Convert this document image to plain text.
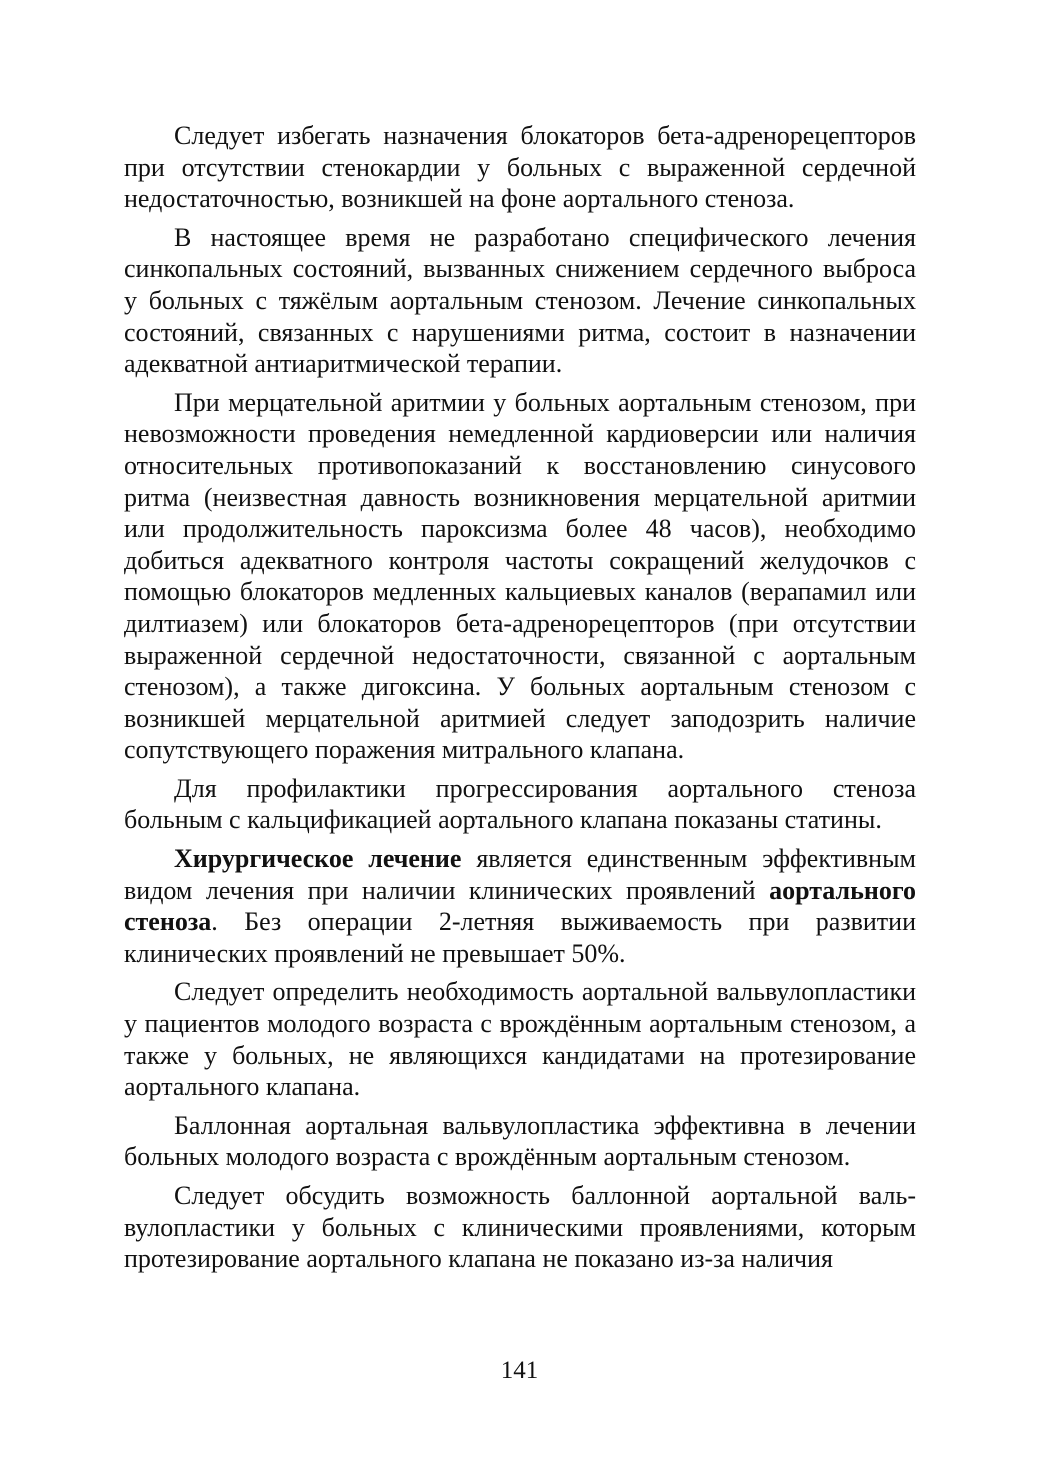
Следует избегать назначения блокаторов бета-адренорецепторов при отсутствии стенокардии у больных с выраженной сердечной недостаточностью, возникшей на фоне аортального стеноза.

В настоящее время не разработано специфического лечения синкопальных состояний, вызванных снижением сердечного выброса у больных с тяжёлым аортальным стенозом. Лечение синкопальных состояний, связанных с нарушениями ритма, состоит в назначении адекватной антиаритмической терапии.

При мерцательной аритмии у больных аортальным стенозом, при невозможности проведения немедленной кардиоверсии или наличия относительных противопоказаний к восстановлению синусового ритма (неизвестная давность возникновения мерцательной аритмии или продолжительность пароксизма более 48 часов), необходимо добиться адекватного контроля частоты сокращений желудочков с помощью блокаторов медленных кальциевых каналов (верапамил или дилтиазем) или блокаторов бета-адренорецепторов (при отсутствии выраженной сердечной недостаточности, связанной с аортальным стенозом), а также дигоксина. У больных аортальным стенозом с возникшей мерцательной аритмией следует заподозрить наличие сопутствующего поражения митрального клапана.

Для профилактики прогрессирования аортального стеноза больным с кальцификацией аортального клапана показаны статины.

Хирургическое лечение является единственным эффективным видом лечения при наличии клинических проявлений аортального стеноза. Без операции 2-летняя выживаемость при развитии клинических проявлений не превышает 50%.

Следует определить необходимость аортальной вальвулопластики у пациентов молодого возраста с врождённым аортальным стенозом, а также у больных, не являющихся кандидатами на протезирование аортального клапана.

Баллонная аортальная вальвулопластика эффективна в лечении больных молодого возраста с врождённым аортальным стенозом.

Следует обсудить возможность баллонной аортальной вальвулопластики у больных с клиническими проявлениями, которым протезирование аортального клапана не показано из-за наличия

141
